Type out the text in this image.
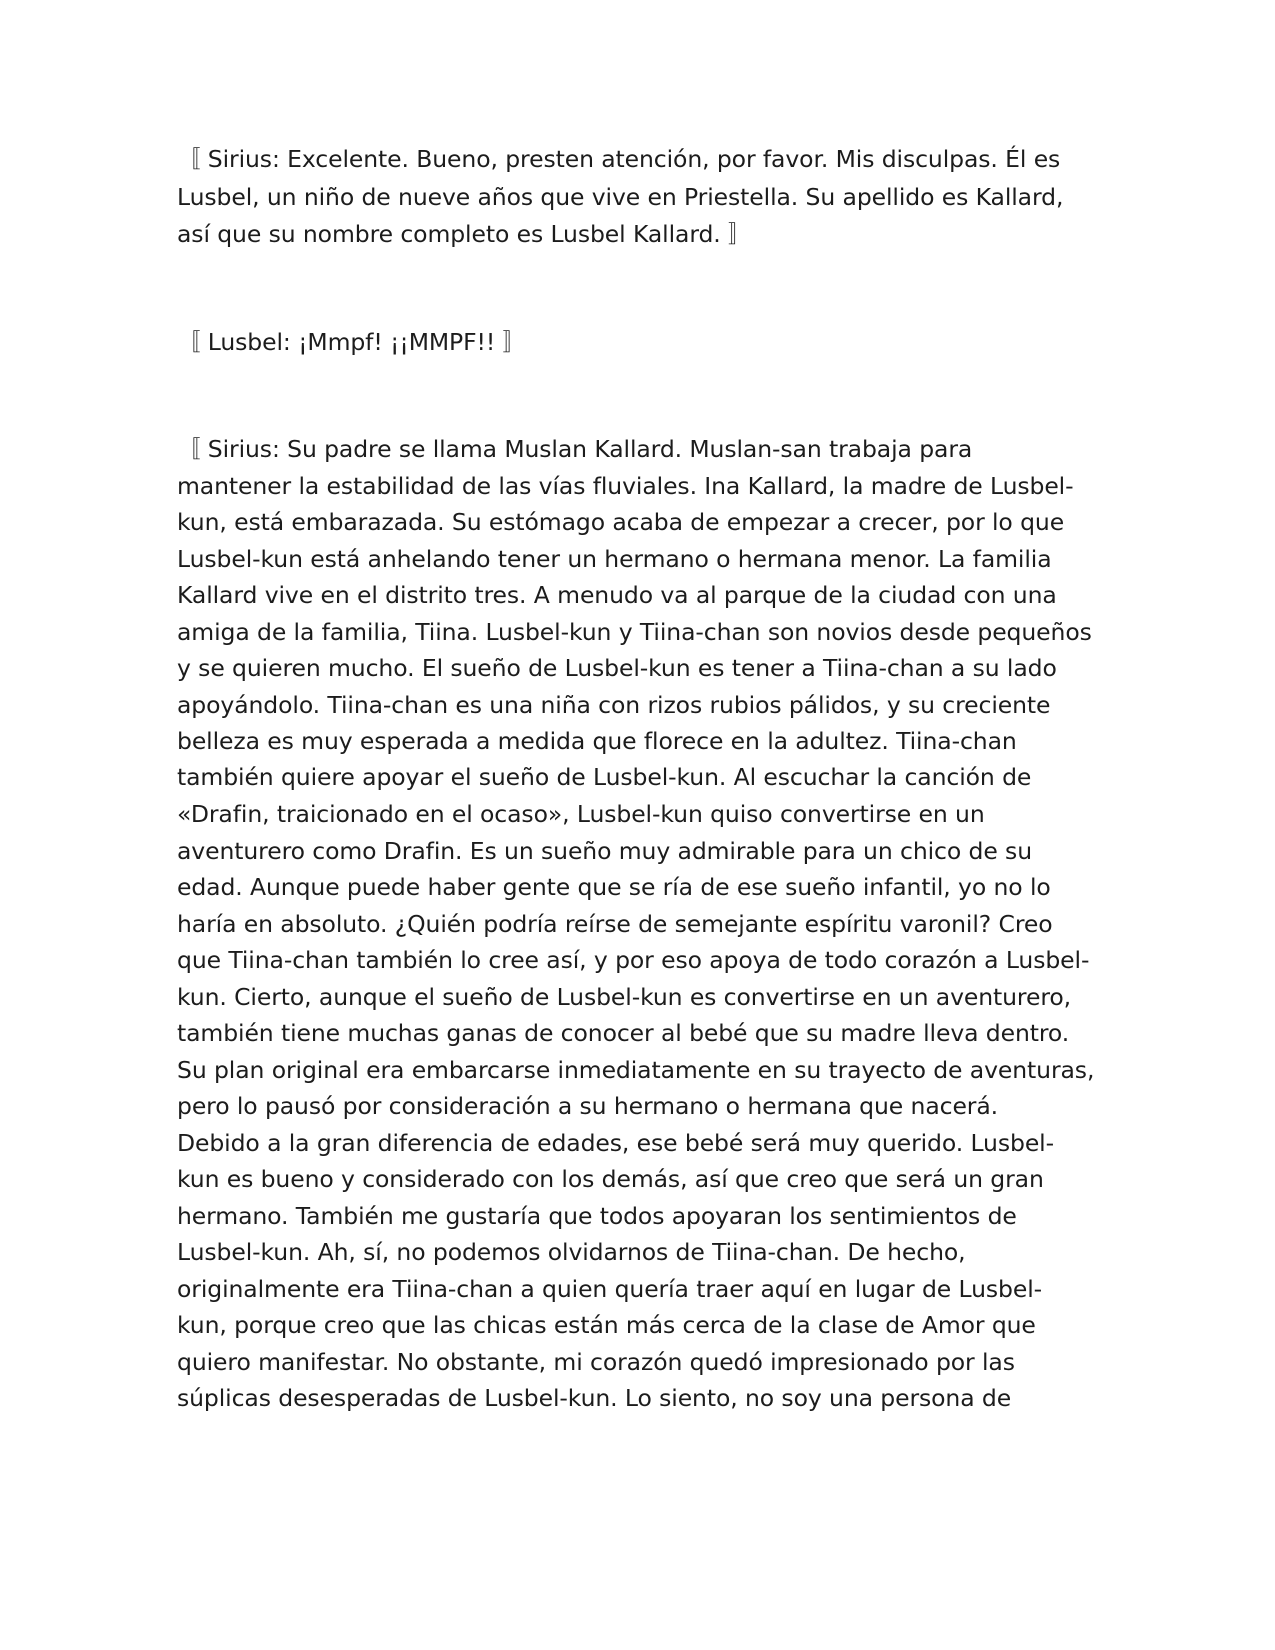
〚 Sirius: Excelente. Bueno, presten atención, por favor. Mis disculpas. Él es
Lusbel, un niño de nueve años que vive en Priestella. Su apellido es Kallard,
así que su nombre completo es Lusbel Kallard. 〛
〚 Lusbel: ¡Mmpf! ¡¡MMPF!! 〛
〚 Sirius: Su padre se llama Muslan Kallard. Muslan-san trabaja para
mantener la estabilidad de las vías fluviales. Ina Kallard, la madre de Lusbel-
kun, está embarazada. Su estómago acaba de empezar a crecer, por lo que
Lusbel-kun está anhelando tener un hermano o hermana menor. La familia
Kallard vive en el distrito tres. A menudo va al parque de la ciudad con una
amiga de la familia, Tiina. Lusbel-kun y Tiina-chan son novios desde pequeños
y se quieren mucho. El sueño de Lusbel-kun es tener a Tiina-chan a su lado
apoyándolo. Tiina-chan es una niña con rizos rubios pálidos, y su creciente
belleza es muy esperada a medida que florece en la adultez. Tiina-chan
también quiere apoyar el sueño de Lusbel-kun. Al escuchar la canción de
«Drafin, traicionado en el ocaso», Lusbel-kun quiso convertirse en un
aventurero como Drafin. Es un sueño muy admirable para un chico de su
edad. Aunque puede haber gente que se ría de ese sueño infantil, yo no lo
haría en absoluto. ¿Quién podría reírse de semejante espíritu varonil? Creo
que Tiina-chan también lo cree así, y por eso apoya de todo corazón a Lusbel-
kun. Cierto, aunque el sueño de Lusbel-kun es convertirse en un aventurero,
también tiene muchas ganas de conocer al bebé que su madre lleva dentro.
Su plan original era embarcarse inmediatamente en su trayecto de aventuras,
pero lo pausó por consideración a su hermano o hermana que nacerá.
Debido a la gran diferencia de edades, ese bebé será muy querido. Lusbel-
kun es bueno y considerado con los demás, así que creo que será un gran
hermano. También me gustaría que todos apoyaran los sentimientos de
Lusbel-kun. Ah, sí, no podemos olvidarnos de Tiina-chan. De hecho,
originalmente era Tiina-chan a quien quería traer aquí en lugar de Lusbel-
kun, porque creo que las chicas están más cerca de la clase de Amor que
quiero manifestar. No obstante, mi corazón quedó impresionado por las
súplicas desesperadas de Lusbel-kun. Lo siento, no soy una persona de
